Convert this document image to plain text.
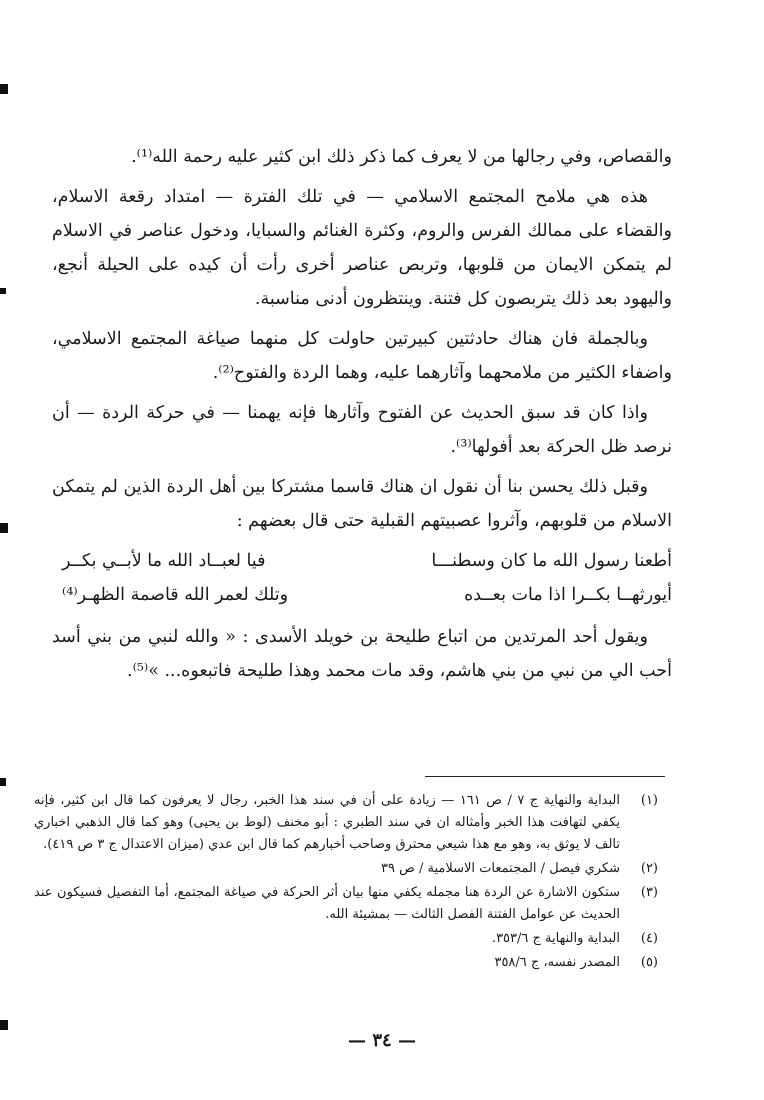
والقصاص، وفي رجالها من لا يعرف كما ذكر ذلك ابن كثير عليه رحمة الله⁽¹⁾.

هذه هي ملامح المجتمع الاسلامي — في تلك الفترة — امتداد رقعة الاسلام، والقضاء على ممالك الفرس والروم، وكثرة الغنائم والسبايا، ودخول عناصر في الاسلام لم يتمكن الايمان من قلوبها، وتربص عناصر أخرى رأت أن كيده على الحيلة أنجع، واليهود بعد ذلك يتربصون كل فتنة. وينتظرون أدنى مناسبة.

وبالجملة فان هناك حادثتين كبيرتين حاولت كل منهما صياغة المجتمع الاسلامي، واضفاء الكثير من ملامحهما وآثارهما عليه، وهما الردة والفتوح⁽²⁾.

واذا كان قد سبق الحديث عن الفتوح وآثارها فإنه يهمنا — في حركة الردة — أن نرصد ظل الحركة بعد أفولها⁽³⁾.

وقبل ذلك يحسن بنا أن نقول ان هناك قاسما مشتركا بين أهل الردة الذين لم يتمكن الاسلام من قلوبهم، وآثروا عصبيتهم القبلية حتى قال بعضهم :

أطعنا رسول الله ما كان وسطنـــا
فيا لعبــاد الله ما لأبــي بكــر
أيورثهــا بكــرا اذا مات بعــده
وتلك لعمر الله قاصمة الظهـر⁽⁴⁾

ويقول أحد المرتدين من اتباع طليحة بن خويلد الأسدى : « والله لنبي من بني أسد أحب الي من نبي من بني هاشم، وقد مات محمد وهذا طليحة فاتبعوه... »⁽⁵⁾.

(١)
البداية والنهاية ج ٧ / ص ١٦١ — زيادة على أن في سند هذا الخبر، رجال لا يعرفون كما قال ابن كثير، فإنه يكفي لتهافت هذا الخبر وأمثاله ان في سند الطبري : أبو مخنف (لوط بن يحيى) وهو كما قال الذهبي اخباري تالف لا يوثق به، وهو مع هذا شيعي محترق وصاحب أخبارهم كما قال ابن عدي (ميزان الاعتدال ج ٣ ص ٤١٩).
(٢)
شكري فيصل / المجتمعات الاسلامية / ص ٣٩
(٣)
ستكون الاشارة عن الردة هنا مجمله يكفي منها بيان أثر الحركة في صياغة المجتمع، أما التفصيل فسيكون عند الحديث عن عوامل الفتنة الفصل الثالث — بمشيئة الله.
(٤)
البداية والنهاية ج ٣٥٣/٦.
(٥)
المصدر نفسه، ج ٣٥٨/٦
— ٣٤ —
